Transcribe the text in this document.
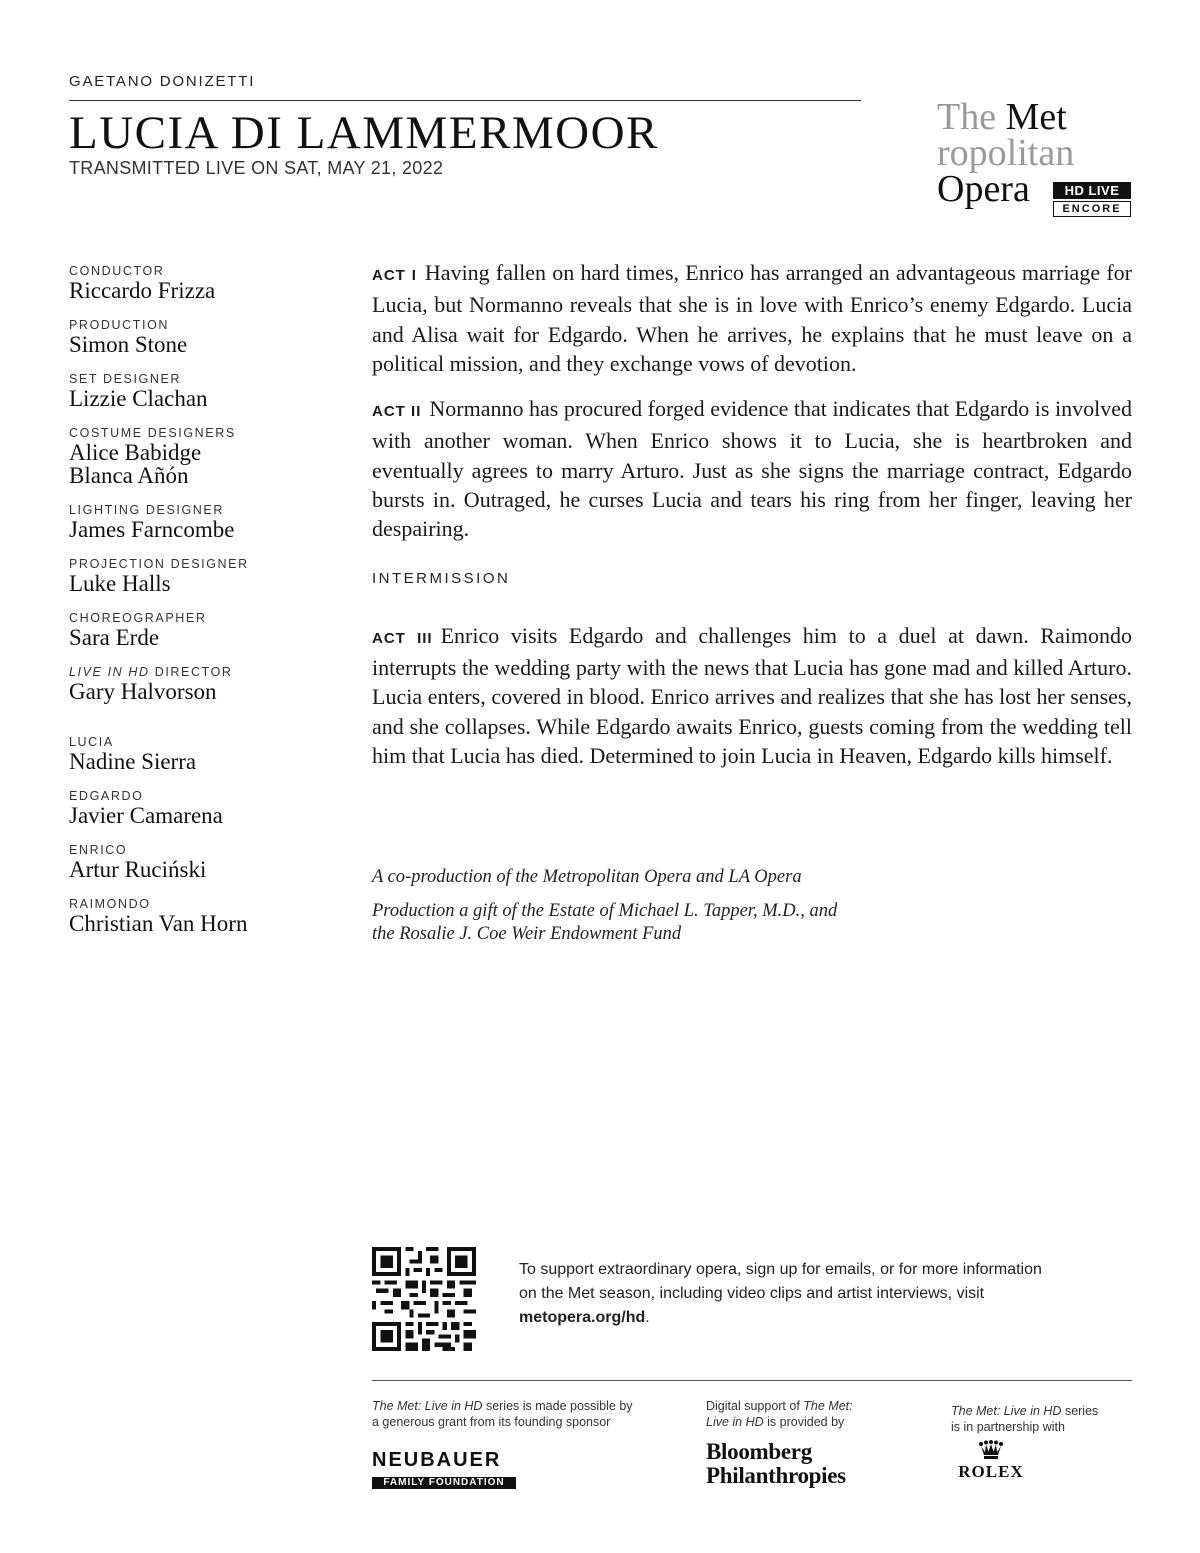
GAETANO DONIZETTI

LUCIA DI LAMMERMOOR

TRANSMITTED LIVE ON SAT, MAY 21, 2022

The Met
ropolitan
Opera	HD LIVE
ENCORE

CONDUCTOR

Riccardo Frizza

PRODUCTION

Simon Stone

SET DESIGNER

Lizzie Clachan

COSTUME DESIGNERS

Alice Babidge

Blanca Añón

LIGHTING DESIGNER

James Farncombe

PROJECTION DESIGNER

Luke Halls

CHOREOGRAPHER

Sara Erde

LIVE IN HD DIRECTOR

Gary Halvorson

LUCIA

Nadine Sierra

EDGARDO

Javier Camarena

ENRICO

Artur Ruciński

RAIMONDO

Christian Van Horn

ACT I Having fallen on hard times, Enrico has arranged an advantageous marriage for Lucia, but Normanno reveals that she is in love with Enrico’s enemy Edgardo. Lucia and Alisa wait for Edgardo. When he arrives, he explains that he must leave on a political mission, and they exchange vows of devotion.

ACT II Normanno has procured forged evidence that indicates that Edgardo is involved with another woman. When Enrico shows it to Lucia, she is heartbroken and eventually agrees to marry Arturo. Just as she signs the marriage contract, Edgardo bursts in. Outraged, he curses Lucia and tears his ring from her finger, leaving her despairing.

INTERMISSION

ACT III Enrico visits Edgardo and challenges him to a duel at dawn. Raimondo interrupts the wedding party with the news that Lucia has gone mad and killed Arturo. Lucia enters, covered in blood. Enrico arrives and realizes that she has lost her senses, and she collapses. While Edgardo awaits Enrico, guests coming from the wedding tell him that Lucia has died. Determined to join Lucia in Heaven, Edgardo kills himself.

A co-production of the Metropolitan Opera and LA Opera

Production a gift of the Estate of Michael L. Tapper, M.D., and
the Rosalie J. Coe Weir Endowment Fund

To support extraordinary opera, sign up for emails, or for more information on the Met season, including video clips and artist interviews, visit metopera.org/hd.

The Met: Live in HD series is made possible by
a generous grant from its founding sponsor

NEUBAUER
FAMILY FOUNDATION

Digital support of The Met:
Live in HD is provided by

Bloomberg
Philanthropies

The Met: Live in HD series
is in partnership with

ROLEX
